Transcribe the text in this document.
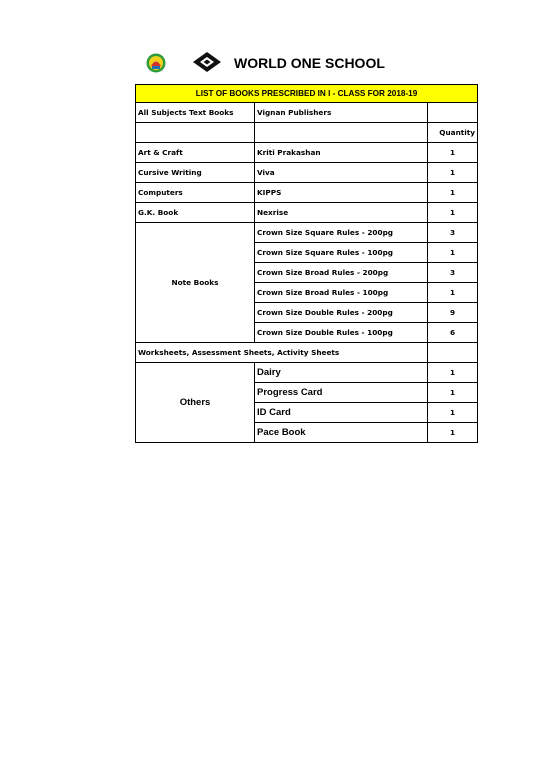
WORLD ONE SCHOOL
LIST OF BOOKS PRESCRIBED IN I - CLASS FOR 2018-19		
All Subjects Text Books	Vignan Publishers	
		Quantity
Art & Craft	Kriti Prakashan	1
Cursive Writing	Viva	1
Computers	KIPPS	1
G.K. Book	Nexrise	1
Note Books	Crown Size Square Rules - 200pg	3
	Crown Size Square Rules - 100pg	1
	Crown Size Broad Rules - 200pg	3
	Crown Size Broad Rules - 100pg	1
	Crown Size Double Rules - 200pg	9
	Crown Size Double Rules - 100pg	6
Worksheets, Assessment Sheets, Activity Sheets		
Others	Dairy	1
	Progress Card	1
	ID Card	1
	Pace Book	1
